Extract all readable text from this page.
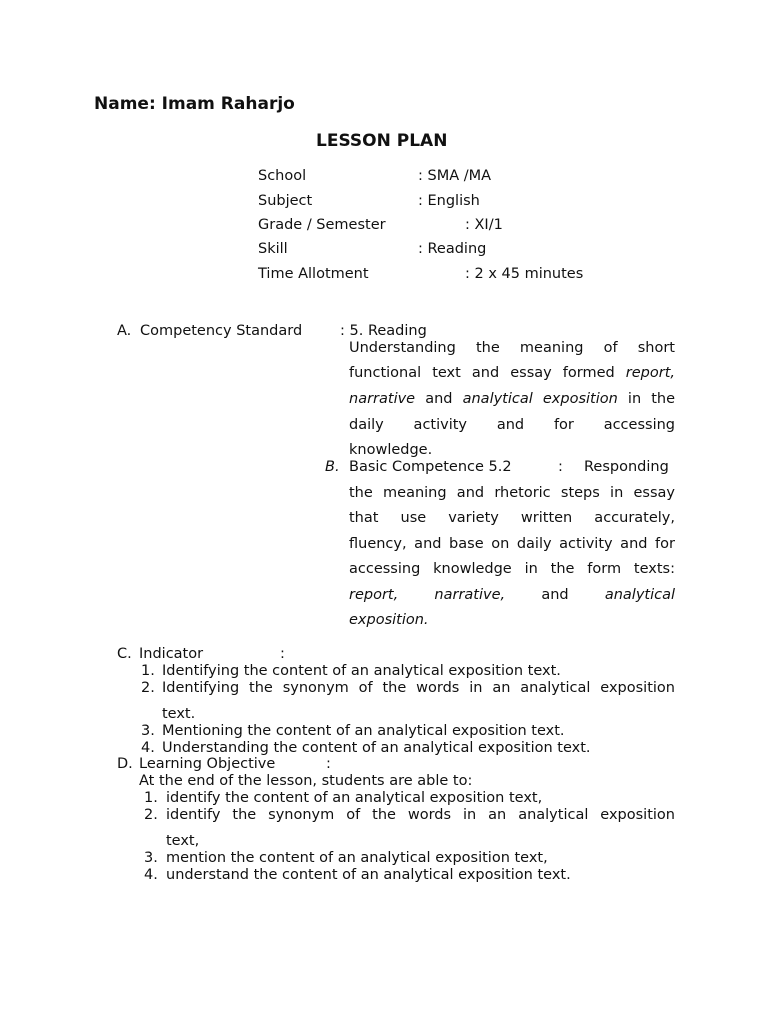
Name: Imam Raharjo
LESSON PLAN
School	: SMA /MA
Subject	: English
Grade / Semester	: XI/1
Skill	: Reading
Time Allotment	: 2 x 45 minutes
A. Competency Standard	: 5. Reading
Understanding the meaning of short
functional text and essay formed report,
narrative and analytical exposition in the
daily activity and for accessing
knowledge.
B. Basic Competence 5.2	: Responding
the meaning and rhetoric steps in essay
that use variety written accurately,
fluency, and base on daily activity and for
accessing knowledge in the form texts:
report, narrative, and analytical
exposition.
C. Indicator	:
1. Identifying the content of an analytical exposition text.
2. Identifying the synonym of the words in an analytical exposition
text.
3. Mentioning the content of an analytical exposition text.
4. Understanding the content of an analytical exposition text.
D. Learning Objective	:
At the end of the lesson, students are able to:
1. identify the content of an analytical exposition text,
2. identify the synonym of the words in an analytical exposition
text,
3. mention the content of an analytical exposition text,
4. understand the content of an analytical exposition text.
